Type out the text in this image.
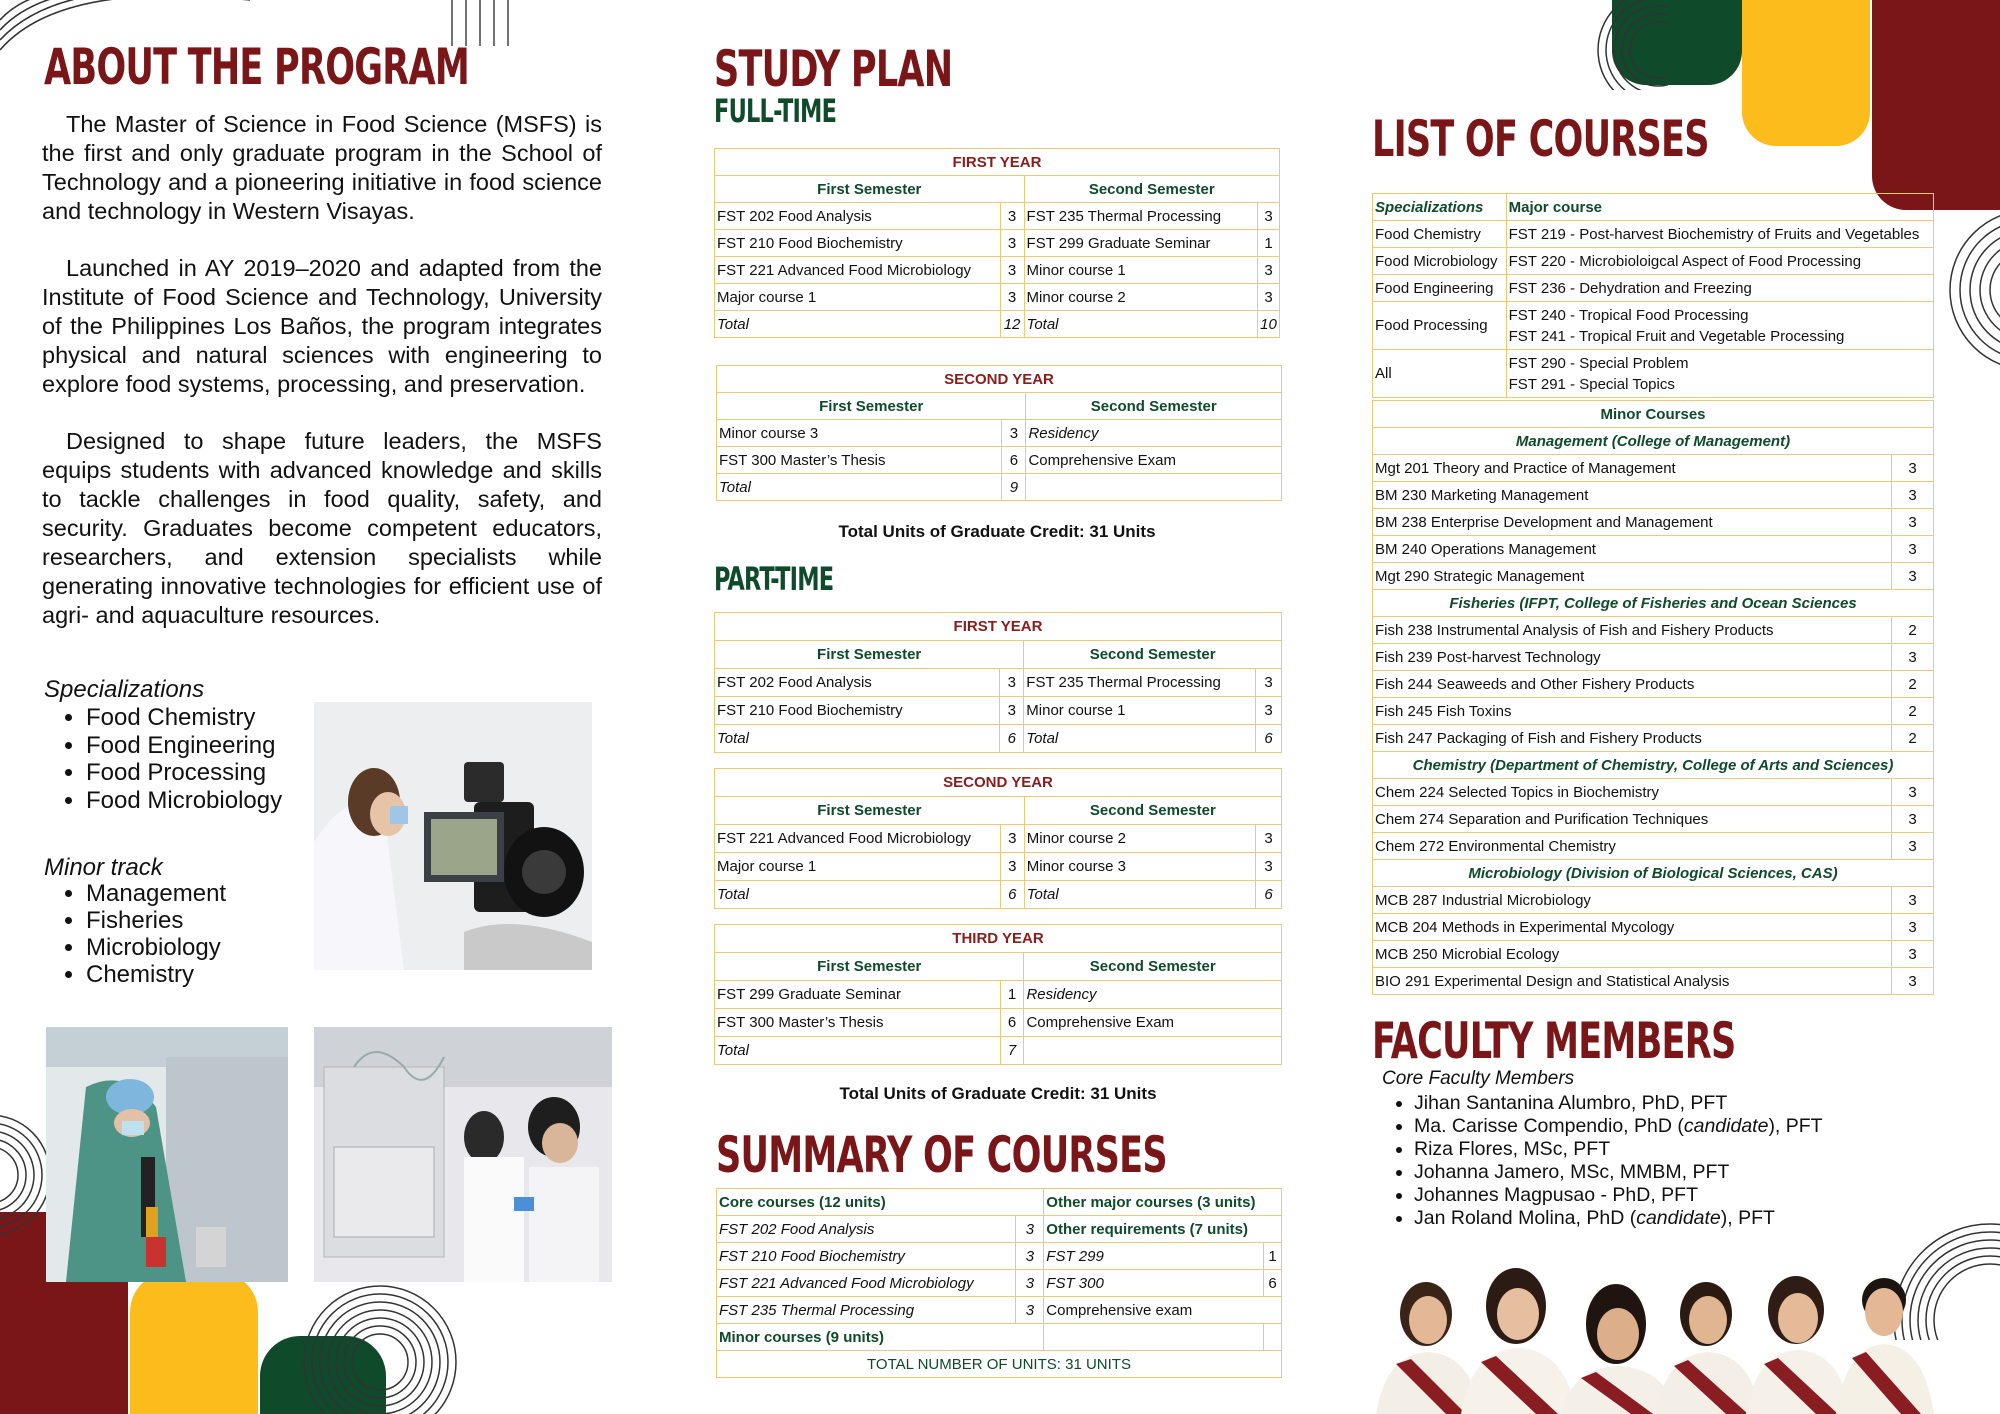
ABOUT THE PROGRAM

The Master of Science in Food Science (MSFS) is the first and only graduate program in the School of Technology and a pioneering initiative in food science and technology in Western Visayas.

Launched in AY 2019–2020 and adapted from the Institute of Food Science and Technology, University of the Philippines Los Baños, the program integrates physical and natural sciences with engineering to explore food systems, processing, and preservation.

Designed to shape future leaders, the MSFS equips students with advanced knowledge and skills to tackle challenges in food quality, safety, and security. Graduates become competent educators, researchers, and extension specialists while generating innovative technologies for efficient use of agri- and aquaculture resources.

Specializations
• Food Chemistry
• Food Engineering
• Food Processing
• Food Microbiology
Minor track
• Management
• Fisheries
• Microbiology
• Chemistry
STUDY PLAN
FULL-TIME
FIRST YEAR			
First Semester		Second Semester	
FST 202 Food Analysis	3	FST 235 Thermal Processing	3
FST 210 Food Biochemistry	3	FST 299 Graduate Seminar	1
FST 221 Advanced Food Microbiology	3	Minor course 1	3
Major course 1	3	Minor course 2	3
Total	12	Total	10
SECOND YEAR		
First Semester		Second Semester
Minor course 3	3	Residency
FST 300 Master’s Thesis	6	Comprehensive Exam
Total	9	
Total Units of Graduate Credit: 31 Units
PART-TIME
FIRST YEAR			
First Semester		Second Semester	
FST 202 Food Analysis	3	FST 235 Thermal Processing	3
FST 210 Food Biochemistry	3	Minor course 1	3
Total	6	Total	6
SECOND YEAR			
First Semester		Second Semester	
FST 221 Advanced Food Microbiology	3	Minor course 2	3
Major course 1	3	Minor course 3	3
Total	6	Total	6
THIRD YEAR		
First Semester		Second Semester
FST 299 Graduate Seminar	1	Residency
FST 300 Master’s Thesis	6	Comprehensive Exam
Total	7	
Total Units of Graduate Credit: 31 Units
SUMMARY OF COURSES
Core courses (12 units)		Other major courses (3 units)	
FST 202 Food Analysis	3	Other requirements (7 units)	
FST 210 Food Biochemistry	3	FST 299	1
FST 221 Advanced Food Microbiology	3	FST 300	6
FST 235 Thermal Processing	3	Comprehensive exam	
Minor courses (9 units)			
TOTAL NUMBER OF UNITS: 31 UNITS			
LIST OF COURSES
Specializations	Major course
Food Chemistry	FST 219 - Post-harvest Biochemistry of Fruits and Vegetables
Food Microbiology	FST 220 - Microbioloigcal Aspect of Food Processing
Food Engineering	FST 236 - Dehydration and Freezing
Food Processing	FST 240 - Tropical Food Processing
FST 241 - Tropical Fruit and Vegetable Processing

All	FST 290 - Special Problem
FST 291 - Special Topics
Minor Courses	
Management (College of Management)	
Mgt 201 Theory and Practice of Management	3
BM 230 Marketing Management	3
BM 238 Enterprise Development and Management	3
BM 240 Operations Management	3
Mgt 290 Strategic Management	3
Fisheries (IFPT, College of Fisheries and Ocean Sciences	
Fish 238 Instrumental Analysis of Fish and Fishery Products	2
Fish 239 Post-harvest Technology	3
Fish 244 Seaweeds and Other Fishery Products	2
Fish 245 Fish Toxins	2
Fish 247 Packaging of Fish and Fishery Products	2
Chemistry (Department of Chemistry, College of Arts and Sciences)	
Chem 224 Selected Topics in Biochemistry	3
Chem 274 Separation and Purification Techniques	3
Chem 272 Environmental Chemistry	3
Microbiology (Division of Biological Sciences, CAS)	
MCB 287 Industrial Microbiology	3
MCB 204 Methods in Experimental Mycology	3
MCB 250 Microbial Ecology	3
BIO 291 Experimental Design and Statistical Analysis	3
FACULTY MEMBERS
Core Faculty Members
• Jihan Santanina Alumbro, PhD, PFT
• Ma. Carisse Compendio, PhD (candidate), PFT
• Riza Flores, MSc, PFT
• Johanna Jamero, MSc, MMBM, PFT
• Johannes Magpusao - PhD, PFT
• Jan Roland Molina, PhD (candidate), PFT
